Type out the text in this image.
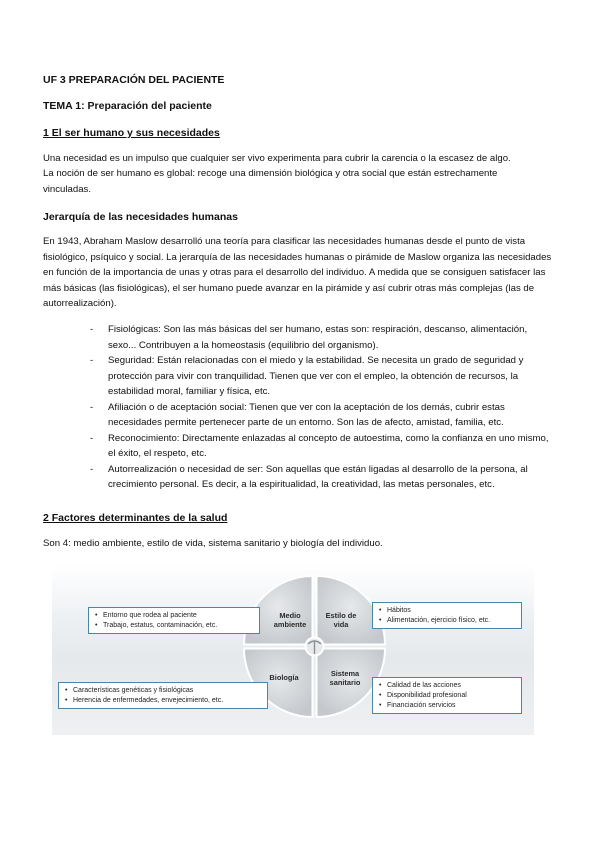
UF 3 PREPARACIÓN DEL PACIENTE

TEMA 1: Preparación del paciente

1 El ser humano y sus necesidades

Una necesidad es un impulso que cualquier ser vivo experimenta para cubrir la carencia o la escasez de algo.

La noción de ser humano es global: recoge una dimensión biológica y otra social que están estrechamente vinculadas.

Jerarquía de las necesidades humanas

En 1943, Abraham Maslow desarrolló una teoría para clasificar las necesidades humanas desde el punto de vista fisiológico, psíquico y social. La jerarquía de las necesidades humanas o pirámide de Maslow organiza las necesidades en función de la importancia de unas y otras para el desarrollo del individuo. A medida que se consiguen satisfacer las más básicas (las fisiológicas), el ser humano puede avanzar en la pirámide y así cubrir otras más complejas (las de autorrealización).

- Fisiológicas: Son las más básicas del ser humano, estas son: respiración, descanso, alimentación, sexo... Contribuyen a la homeostasis (equilibrio del organismo).
- Seguridad: Están relacionadas con el miedo y la estabilidad. Se necesita un grado de seguridad y protección para vivir con tranquilidad. Tienen que ver con el empleo, la obtención de recursos, la estabilidad moral, familiar y física, etc.
- Afiliación o de aceptación social: Tienen que ver con la aceptación de los demás, cubrir estas necesidades permite pertenecer parte de un entorno. Son las de afecto, amistad, familia, etc.
- Reconocimiento: Directamente enlazadas al concepto de autoestima, como la confianza en uno mismo, el éxito, el respeto, etc.
- Autorrealización o necesidad de ser: Son aquellas que están ligadas al desarrollo de la persona, al crecimiento personal. Es decir, a la espiritualidad, la creatividad, las metas personales, etc.

2 Factores determinantes de la salud

Son 4: medio ambiente, estilo de vida, sistema sanitario y biología del individuo.

Medio
ambiente
Estilo de
vida
Biología	Sistema
sanitario
• Entorno que rodea al paciente
• Trabajo, estatus, contaminación, etc.
• Hábitos
• Alimentación, ejercicio físico, etc.
• Características genéticas y fisiológicas
• Herencia de enfermedades, envejecimiento, etc.
• Calidad de las acciones
• Disponibilidad profesional
• Financiación servicios
